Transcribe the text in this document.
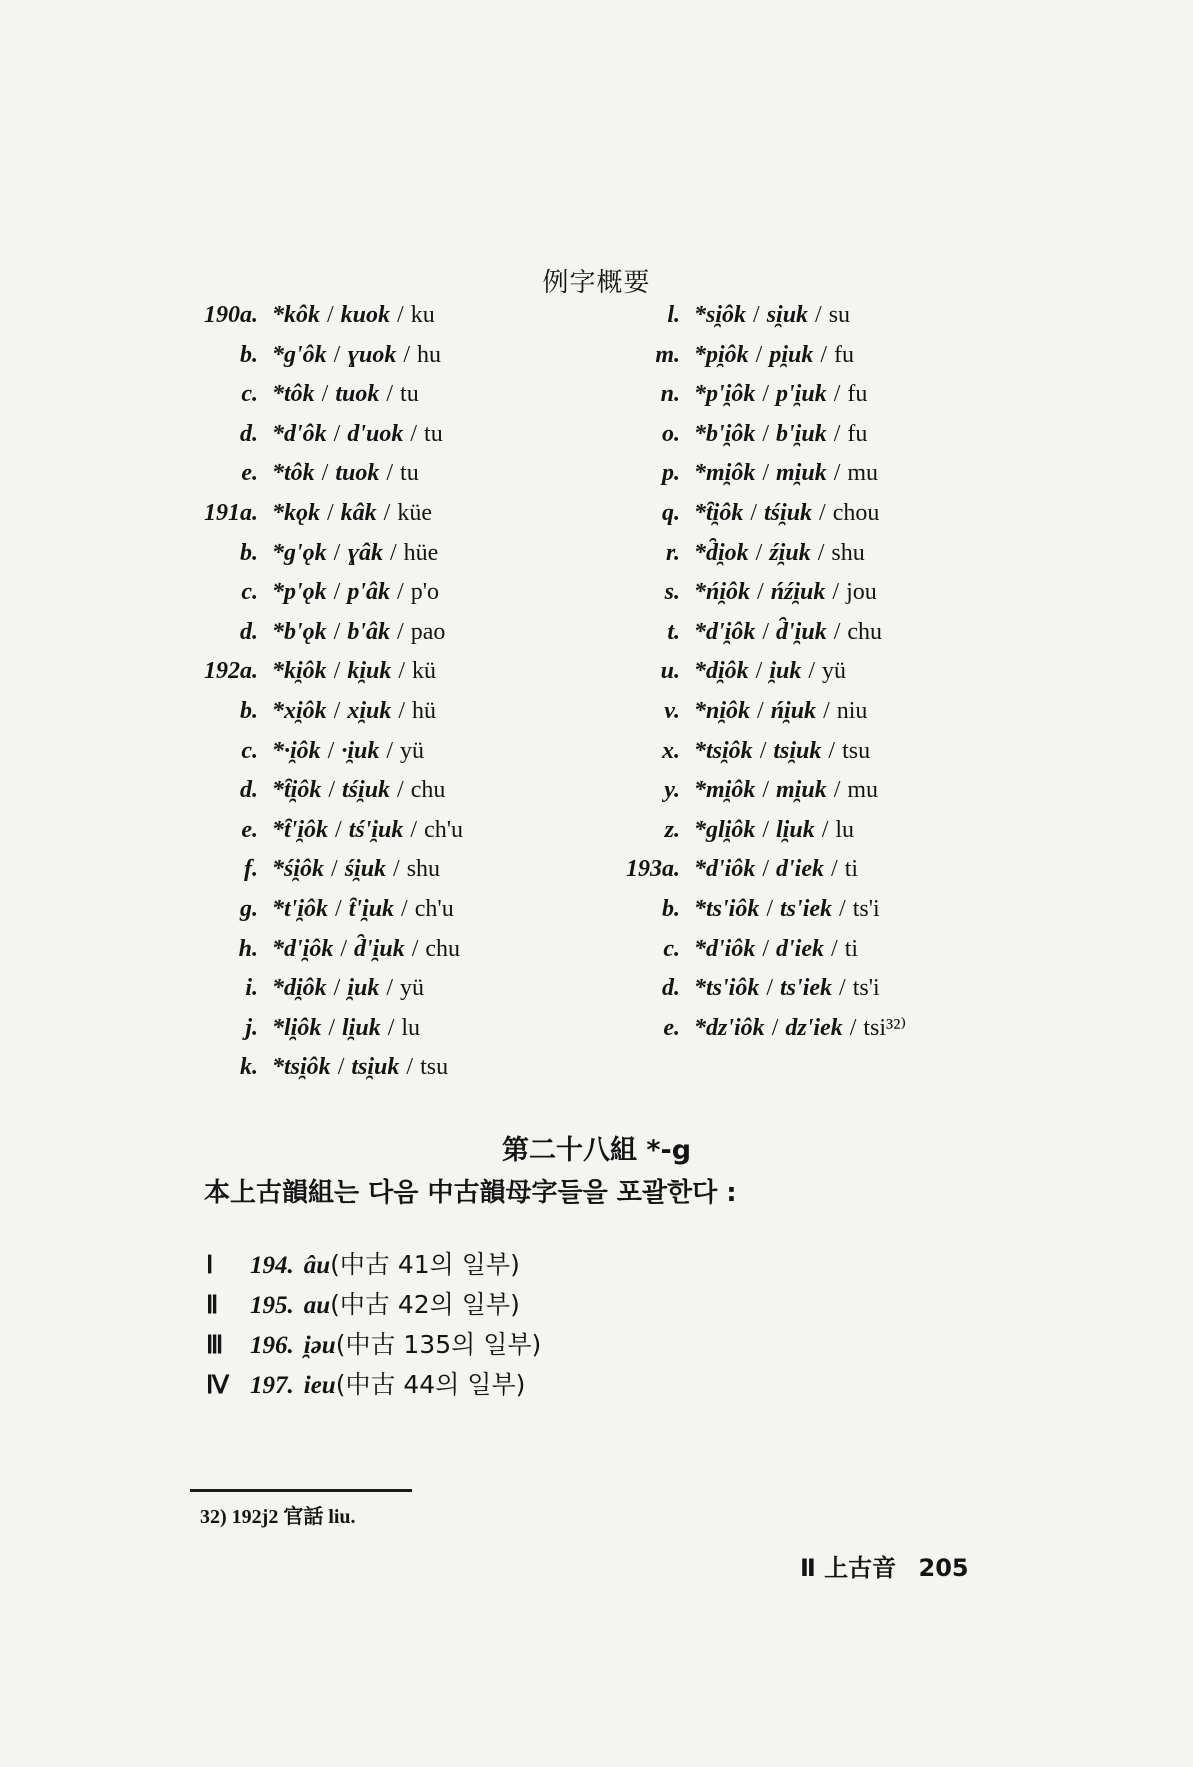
例字概要
190a. *kôk / kuok / ku
b. *g'ôk / ɣuok / hu
c. *tôk / tuok / tu
d. *d'ôk / d'uok / tu
e. *tôk / tuok / tu
191a. *kǫk / kâk / küe
b. *g'ǫk / ɣâk / hüe
c. *p'ǫk / p'âk / p'o
d. *b'ǫk / b'âk / pao
192a. *ki̯ôk / ki̯uk / kü
b. *xi̯ôk / xi̯uk / hü
c. *·i̯ôk / ·i̯uk / yü
d. *t̑i̯ôk / tśi̯uk / chu
e. *t̑'i̯ôk / tś'i̯uk / ch'u
f. *śi̯ôk / śi̯uk / shu
g. *t'i̯ôk / t̑'i̯uk / ch'u
h. *d'i̯ôk / d̑'i̯uk / chu
i. *di̯ôk / i̯uk / yü
j. *li̯ôk / li̯uk / lu
k. *tsi̯ôk / tsi̯uk / tsu
l. *si̯ôk / si̯uk / su
m. *pi̯ôk / pi̯uk / fu
n. *p'i̯ôk / p'i̯uk / fu
o. *b'i̯ôk / b'i̯uk / fu
p. *mi̯ôk / mi̯uk / mu
q. *t̑i̯ôk / tśi̯uk / chou
r. *d̑i̯ok / źi̯uk / shu
s. *ńi̯ôk / ńźi̯uk / jou
t. *d'i̯ôk / d̑'i̯uk / chu
u. *di̯ôk / i̯uk / yü
v. *ni̯ôk / ńi̯uk / niu
x. *tsi̯ôk / tsi̯uk / tsu
y. *mi̯ôk / mi̯uk / mu
z. *gli̯ôk / li̯uk / lu
193a. *d'iôk / d'iek / ti
b. *ts'iôk / ts'iek / ts'i
c. *d'iôk / d'iek / ti
d. *ts'iôk / ts'iek / ts'i
e. *dz'iôk / dz'iek / tsi³²⁾
第二十八組 *-g
本上古韻組는 다음 中古韻母字들을 포괄한다 :
Ⅰ 194. âu(中古 41의 일부)
Ⅱ 195. au(中古 42의 일부)
Ⅲ 196. i̯ǝu(中古 135의 일부)
Ⅳ 197. ieu(中古 44의 일부)
32) 192j2 官話 liu.
Ⅱ 上古音 205
